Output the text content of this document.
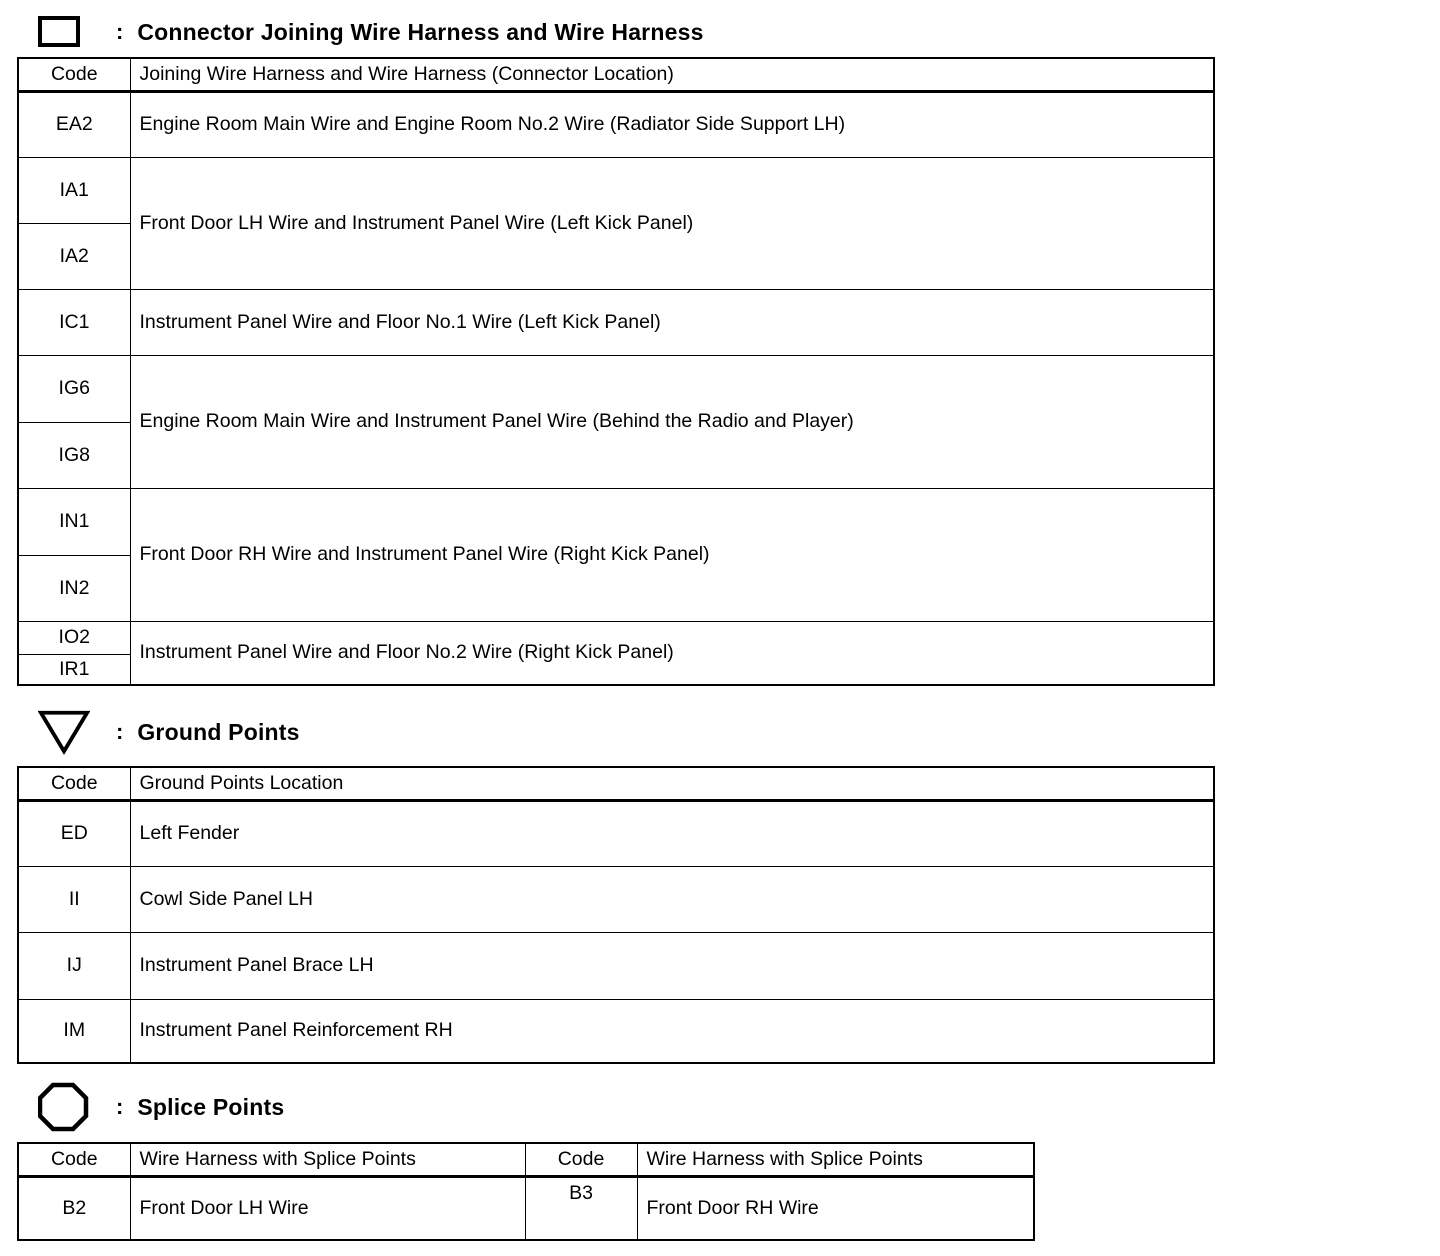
: Connector Joining Wire Harness and Wire Harness
Code	Joining Wire Harness and Wire Harness (Connector Location)
EA2	Engine Room Main Wire and Engine Room No.2 Wire (Radiator Side Support LH)
IA1	Front Door LH Wire and Instrument Panel Wire (Left Kick Panel)
IA2	
IC1	Instrument Panel Wire and Floor No.1 Wire (Left Kick Panel)
IG6	Engine Room Main Wire and Instrument Panel Wire (Behind the Radio and Player)
IG8	
IN1	Front Door RH Wire and Instrument Panel Wire (Right Kick Panel)
IN2	
IO2	Instrument Panel Wire and Floor No.2 Wire (Right Kick Panel)
IR1	
: Ground Points
Code	Ground Points Location
ED	Left Fender
II	Cowl Side Panel LH
IJ	Instrument Panel Brace LH
IM	Instrument Panel Reinforcement RH
: Splice Points
Code	Wire Harness with Splice Points	Code	Wire Harness with Splice Points
B2	Front Door LH Wire	B3	Front Door RH Wire
